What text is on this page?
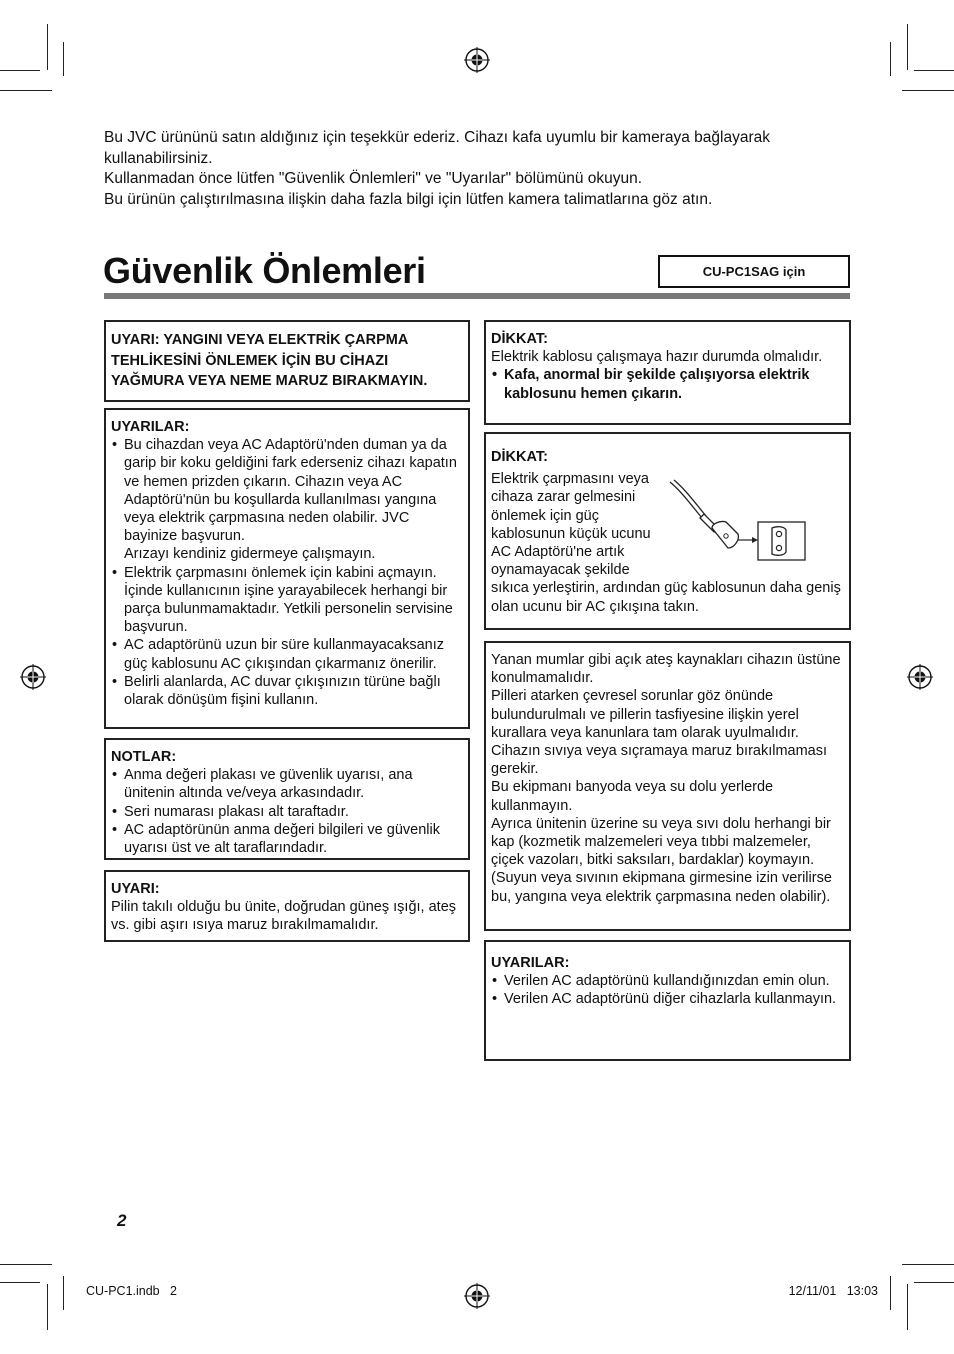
Bu JVC ürününü satın aldığınız için teşekkür ederiz. Cihazı kafa uyumlu bir kameraya bağlayarak kullanabilirsiniz.

Kullanmadan önce lütfen "Güvenlik Önlemleri" ve "Uyarılar" bölümünü okuyun.

Bu ürünün çalıştırılmasına ilişkin daha fazla bilgi için lütfen kamera talimatlarına göz atın.

Güvenlik Önlemleri	CU-PC1SAG için

UYARI: YANGINI VEYA ELEKTRİK ÇARPMA TEHLİKESİNİ ÖNLEMEK İÇİN BU CİHAZI YAĞMURA VEYA NEME MARUZ BIRAKMAYIN.

UYARILAR:

• Bu cihazdan veya AC Adaptörü'nden duman ya da garip bir koku geldiğini fark ederseniz cihazı kapatın ve hemen prizden çıkarın. Cihazın veya AC Adaptörü'nün bu koşullarda kullanılması yangına veya elektrik çarpmasına neden olabilir. JVC bayinize başvurun.
Arızayı kendiniz gidermeye çalışmayın.
• Elektrik çarpmasını önlemek için kabini açmayın. İçinde kullanıcının işine yarayabilecek herhangi bir parça bulunmamaktadır. Yetkili personelin servisine başvurun.
• AC adaptörünü uzun bir süre kullanmayacaksanız güç kablosunu AC çıkışından çıkarmanız önerilir.
• Belirli alanlarda, AC duvar çıkışınızın türüne bağlı olarak dönüşüm fişini kullanın.

NOTLAR:

• Anma değeri plakası ve güvenlik uyarısı, ana ünitenin altında ve/veya arkasındadır.
• Seri numarası plakası alt taraftadır.
• AC adaptörünün anma değeri bilgileri ve güvenlik uyarısı üst ve alt taraflarındadır.

UYARI:

Pilin takılı olduğu bu ünite, doğrudan güneş ışığı, ateş vs. gibi aşırı ısıya maruz bırakılmamalıdır.

DİKKAT:

Elektrik kablosu çalışmaya hazır durumda olmalıdır.

• Kafa, anormal bir şekilde çalışıyorsa elektrik kablosunu hemen çıkarın.

DİKKAT:

Elektrik çarpmasını veya

cihaza zarar gelmesini

önlemek için güç

kablosunun küçük ucunu

AC Adaptörü'ne artık

oynamayacak şekilde

sıkıca yerleştirin, ardından güç kablosunun daha geniş olan ucunu bir AC çıkışına takın.

Yanan mumlar gibi açık ateş kaynakları cihazın üstüne konulmamalıdır.

Pilleri atarken çevresel sorunlar göz önünde bulundurulmalı ve pillerin tasfiyesine ilişkin yerel kurallara veya kanunlara tam olarak uyulmalıdır.

Cihazın sıvıya veya sıçramaya maruz bırakılmaması gerekir.

Bu ekipmanı banyoda veya su dolu yerlerde kullanmayın.

Ayrıca ünitenin üzerine su veya sıvı dolu herhangi bir kap (kozmetik malzemeleri veya tıbbi malzemeler, çiçek vazoları, bitki saksıları, bardaklar) koymayın. (Suyun veya sıvının ekipmana girmesine izin verilirse bu, yangına veya elektrik çarpmasına neden olabilir).

UYARILAR:

• Verilen AC adaptörünü kullandığınızdan emin olun.
• Verilen AC adaptörünü diğer cihazlarla kullanmayın.
2
CU-PC1.indb   2	12/11/01   13:03
